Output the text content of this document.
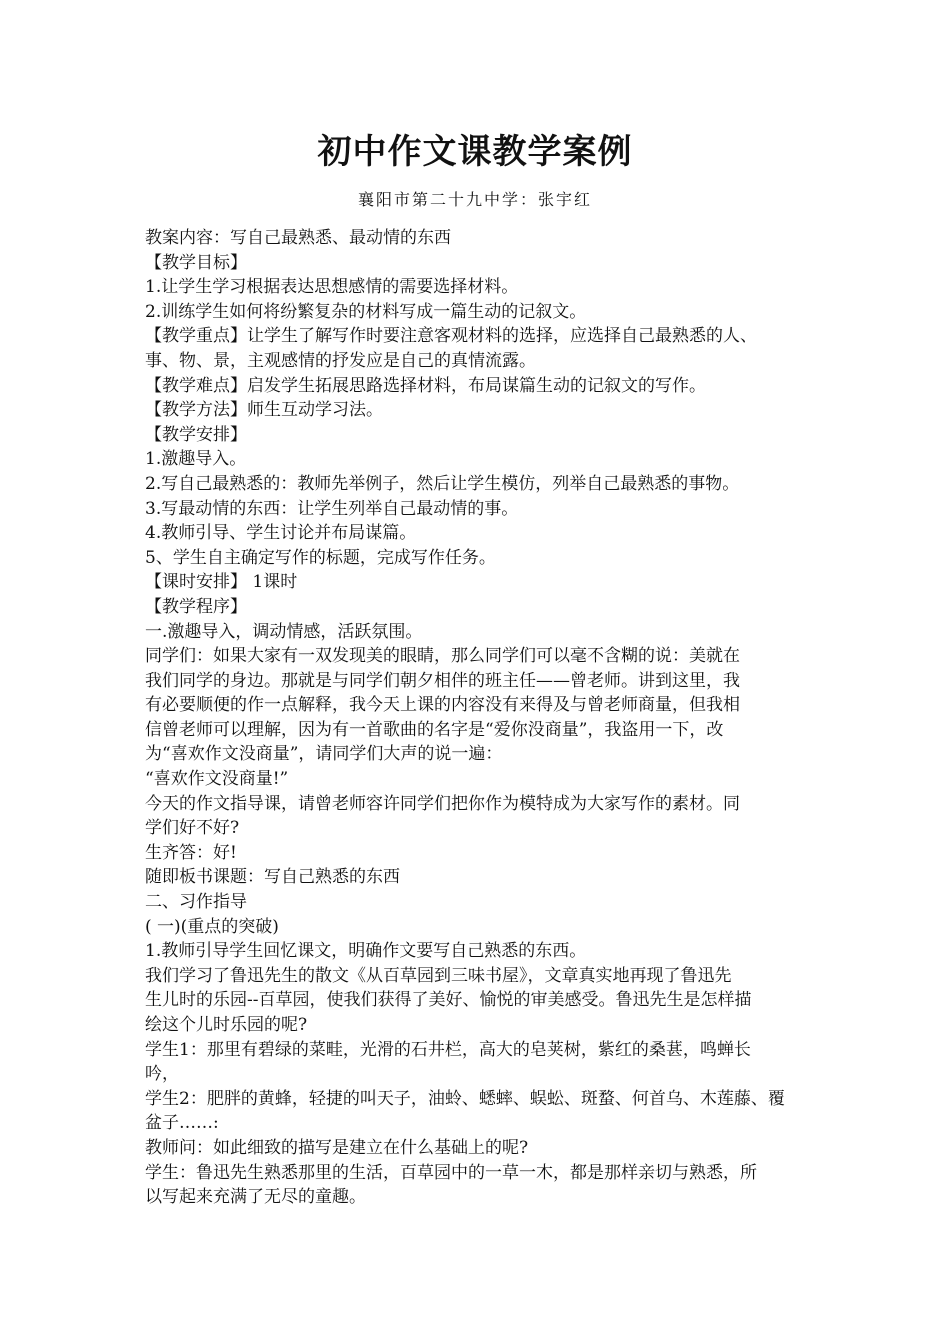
初中作文课教学案例
襄阳市第二十九中学：张宇红
教案内容：写自己最熟悉、最动情的东西
【教学目标】
1.让学生学习根据表达思想感情的需要选择材料。
2.训练学生如何将纷繁复杂的材料写成一篇生动的记叙文。
【教学重点】让学生了解写作时要注意客观材料的选择，应选择自己最熟悉的人、
事、物、景，主观感情的抒发应是自己的真情流露。
【教学难点】启发学生拓展思路选择材料，布局谋篇生动的记叙文的写作。
【教学方法】师生互动学习法。
【教学安排】
1.激趣导入。
2.写自己最熟悉的：教师先举例子，然后让学生模仿，列举自己最熟悉的事物。
3.写最动情的东西：让学生列举自己最动情的事。
4.教师引导、学生讨论并布局谋篇。
5、学生自主确定写作的标题，完成写作任务。
【课时安排】 1课时
【教学程序】
一.激趣导入，调动情感，活跃氛围。
同学们：如果大家有一双发现美的眼睛，那么同学们可以毫不含糊的说：美就在
我们同学的身边。那就是与同学们朝夕相伴的班主任——曾老师。讲到这里，我
有必要顺便的作一点解释，我今天上课的内容没有来得及与曾老师商量，但我相
信曾老师可以理解，因为有一首歌曲的名字是“爱你没商量”，我盗用一下，改
为“喜欢作文没商量”，请同学们大声的说一遍：
“喜欢作文没商量!”
今天的作文指导课，请曾老师容许同学们把你作为模特成为大家写作的素材。同
学们好不好?
生齐答：好!
随即板书课题：写自己熟悉的东西
二、习作指导
( 一)(重点的突破)
1.教师引导学生回忆课文，明确作文要写自己熟悉的东西。
我们学习了鲁迅先生的散文《从百草园到三味书屋》，文章真实地再现了鲁迅先
生儿时的乐园--百草园，使我们获得了美好、愉悦的审美感受。鲁迅先生是怎样描
绘这个儿时乐园的呢?
学生1：那里有碧绿的菜畦，光滑的石井栏，高大的皂荚树，紫红的桑葚，鸣蝉长
吟，
学生2：肥胖的黄蜂，轻捷的叫天子，油蛉、蟋蟀、蜈蚣、斑蝥、何首乌、木莲藤、覆
盆子……:
教师问：如此细致的描写是建立在什么基础上的呢?
学生：鲁迅先生熟悉那里的生活，百草园中的一草一木，都是那样亲切与熟悉，所
以写起来充满了无尽的童趣。
